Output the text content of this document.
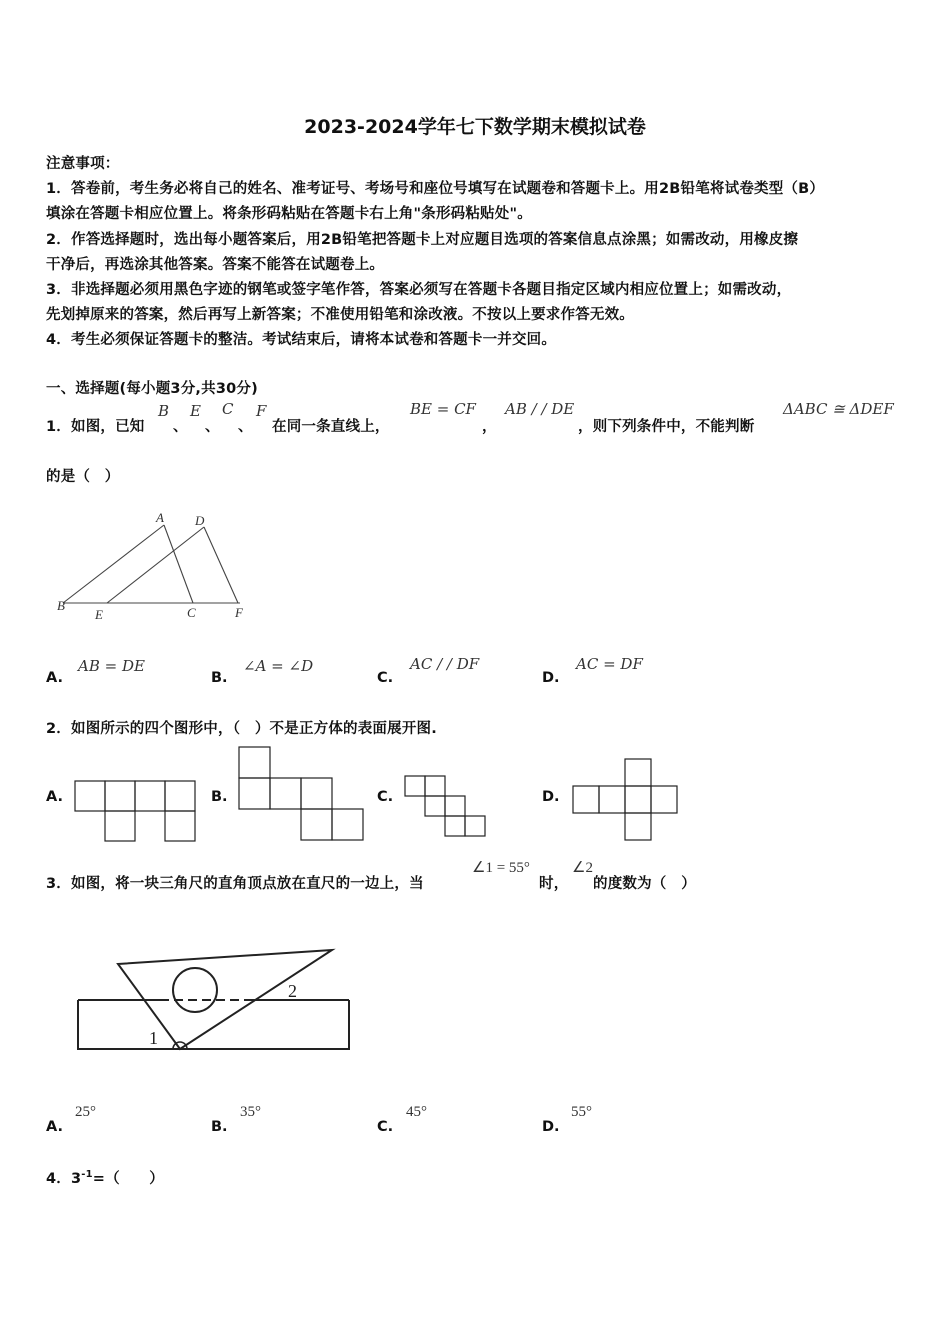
2023-2024学年七下数学期末模拟试卷
注意事项：
1．答卷前，考生务必将自己的姓名、准考证号、考场号和座位号填写在试题卷和答题卡上。用2B铅笔将试卷类型（B）
填涂在答题卡相应位置上。将条形码粘贴在答题卡右上角"条形码粘贴处"。
2．作答选择题时，选出每小题答案后，用2B铅笔把答题卡上对应题目选项的答案信息点涂黑；如需改动，用橡皮擦
干净后，再选涂其他答案。答案不能答在试题卷上。
3．非选择题必须用黑色字迹的钢笔或签字笔作答，答案必须写在答题卡各题目指定区域内相应位置上；如需改动，
先划掉原来的答案，然后再写上新答案；不准使用铅笔和涂改液。不按以上要求作答无效。
4．考生必须保证答题卡的整洁。考试结束后，请将本试卷和答题卡一并交回。
一、选择题(每小题3分,共30分)
1．如图，已知
B
、
E
、
C
、
F
在同一条直线上，
BE = CF
，
AB / / DE
，则下列条件中，不能判断
ΔABC ≅ ΔDEF
的是（　）
A D
B
E	C	F
A.
AB = DE
B.
∠A = ∠D
C.
AC / / DF
D.
AC = DF
2．如图所示的四个图形中，（　）不是正方体的表面展开图.
A.	B.	C.	D.
3．如图，将一块三角尺的直角顶点放在直尺的一边上，当
∠1 = 55°
时，
∠2
的度数为（　）
1
2
A.
25°
B.
35°
C.
45°
D.
55°
4．$3^{-1}=$（　　）
